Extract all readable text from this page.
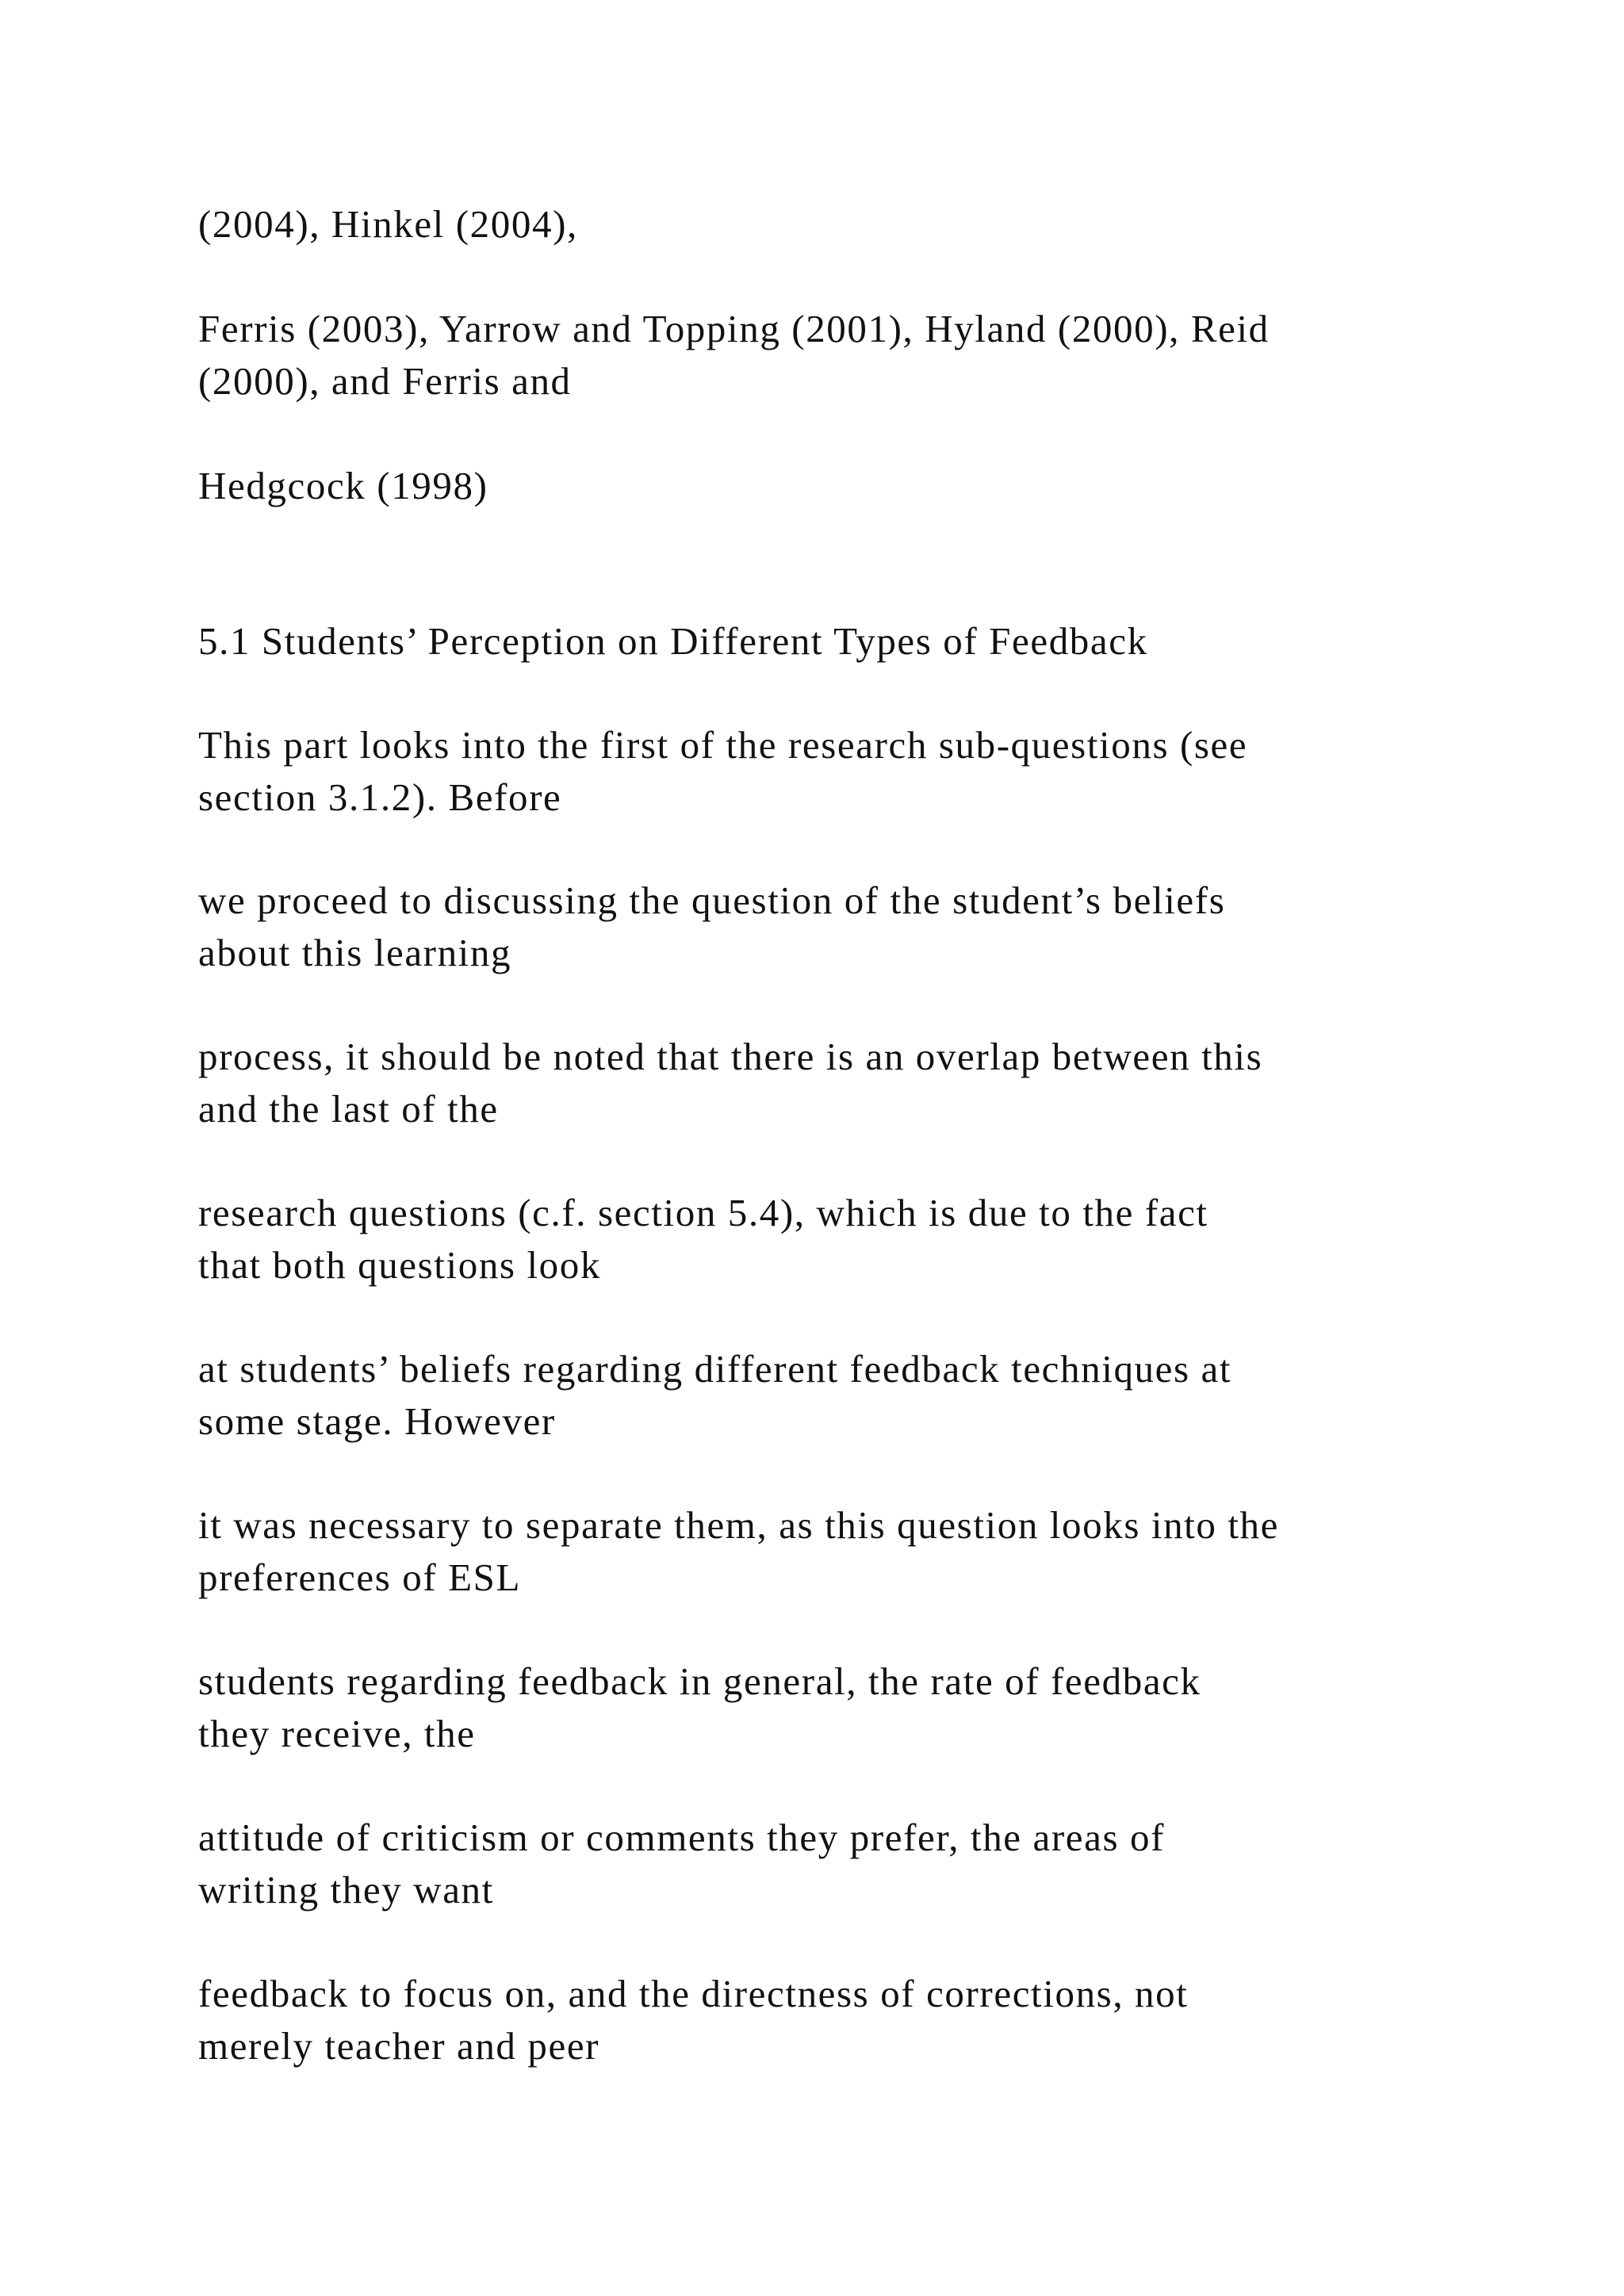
(2004), Hinkel (2004),

Ferris (2003), Yarrow and Topping (2001), Hyland (2000), Reid
(2000), and Ferris and

Hedgcock (1998)

5.1 Students’ Perception on Different Types of Feedback

This part looks into the first of the research sub-questions (see
section 3.1.2). Before

we proceed to discussing the question of the student’s beliefs
about this learning

process, it should be noted that there is an overlap between this
and the last of the

research questions (c.f. section 5.4), which is due to the fact
that both questions look

at students’ beliefs regarding different feedback techniques at
some stage. However

it was necessary to separate them, as this question looks into the
preferences of ESL

students regarding feedback in general, the rate of feedback
they receive, the

attitude of criticism or comments they prefer, the areas of
writing they want

feedback to focus on, and the directness of corrections, not
merely teacher and peer
